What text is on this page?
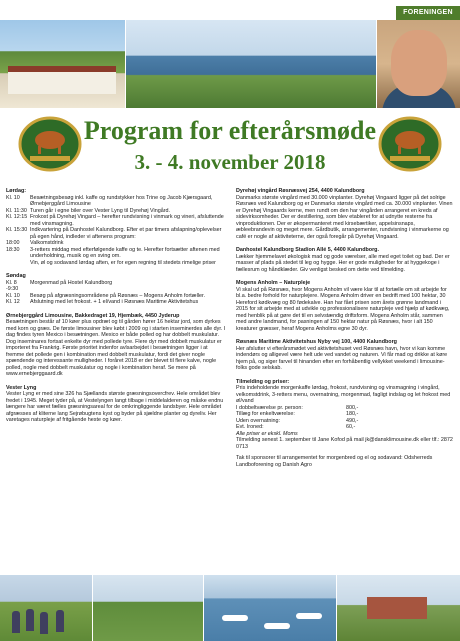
FORENINGEN
Program for efterårsmøde
3. - 4. november 2018
Lørdag:
Kl. 10	Besætningsbesøg inkl. kaffe og rundstykker hos Trine og Jacob Kjærsgaard, Ørnebjerggård Limousine
Kl. 11:30 Turen går i egne biler over Vester Lyng til Dyrehøj Vingård.
Kl. 12:15 Frokost på Dyrehøj Vingard – herefter rundvisning i vinmark og vineri, afsluttende med vinsmagning.
Kl. 15:30 Indkvartering på Danhostel Kalundborg. Efter et par timers afslapning/oplevelser på egen hånd, indleder vi aftenens program:
18:00	Valkomstdrink
18:30	3-retters middag med efterfølgende kaffe og te. Herefter fortsætter aftenen med underholdning, musik og en sving om.
Vin, øl og sodavand lørdag aften, er for egen regning til stedets rimelige priser
Søndag
Kl. 8 -9:30
Morgenmad på Hostel Kalundborg
Kl. 10	Besøg på afgræsningsområdene på Røsnæs – Mogens Anholm fortæller.
Kl. 12	Afslutning med let frokost. + 1 el/vand i Røsnæs Maritime Aktivitetshus
Ørnebjerggård Limousine, Bakkedraget 19, Hjembæk, 4450 Jyderup
Besætningen består af 10 køer plus opdræt og til gården hører 16 hektar jord, som dyrkes med korn og græs. De første limousiner blev købt i 2009 og i starten inseminerdes alle dyr. I dag findes tyren Mexico i besætningen. Mexico er både polled og har dobbelt muskulatur. Dog inseminares fortsat enkelte dyr med pollede tyre. Flere dyr med dobbelt muskulatur er importeret fra Frankrig. Første prioritet indenfor avlsarbejdet i besætningen ligger i at fremme det pollede gen i kombination med dobbelt muskulatur, fordi det giver nogle spændende og interessante mulligheder. I foråret 2018 er der blevet til flere kalve, nogle polled, nogle med dobbelt muskulatur og nogle i kombination heraf. Se mere på www.ernebjerggaard.dk
Vester Lyng
Vester Lyng er med sine 326 ha Sjællands største græsningsovercfrev. Hele området blev fredet i 1945. Meget tyder på, at Vestelyngen langt tilbage i middelalderen og måske endnu længere har været fælles græsningsareal for de omkringliggende landsbyer. Hele området afgræsses af kliterne lang Sejrøbugtens kyst og byder på sjældne planter og dyreliv. Her varetages naturpleje af fritgående heste og køer.
Dyrehøj vingård Røsnæsvej 254, 4400 Kalundborg
Danmarks største vingård med 30.000 vinplanter. Dyrehøj Vingaard ligger på det solrige Røsnæs ved Kalundborg og er Danmarks største vingård med ca. 30.000 vinplanter. Vinen er Dyrehøj Vingaards kerne, men rundt om den har vingården arrangeret en kreds af sidevirksomheder. Der er destillering, som blev etableret for at udnytte resterne fra vinproduktionen. Der er økopermanteret med kirsebærtiker, appelsinsnaps, æbleebrandevin og meget mere. Gårdbutik, arrangementer, rundvisning i vinmarkerne og café er nogle af aktiviteterne, der også foregår på Dyrehøj Vingaard.
Danhostel Kalundborg Stadion Allé 5, 4400 Kalundborg.
Lækker hjemmelavet økologisk mad og gode værelser, alle med eget toilet og bad. Der er masser af plads på stedet til leg og hygge. Her er gode muligheder for at hyggekoge i fællesrum og håndklæder. Giv venligst besked om dette ved tilmelding.
Mogens Anholm – Naturpleje
Vi skal ud på Røsnæs, hvor Mogens Anholm vil være klar til at fortælle om sit arbejde for bl.a. bedre forhold for naturplejere. Mogens Anholm driver en bedrift med 100 hektar, 30 Hereford kødkvæg og 80 fødekalve. Han har fået prisen som årets grønne landmand i 2015 for sit arbejde med at udvikle og professionalisere naturpleje ved hjælp af kødkvæg, med henblik på at gøre det til en selvstændig driftsform. Mogens Anholm står, sammen med andre landmand, for pasningen af 150 hektar natur på Røsnæs, hvor i alt 150 kreaturer græsser, heraf Mogens Anholms egne 30 dyr.
Røsnæs Maritime Aktivitetshus Nyby vej 100, 4400 Kalundborg
Her afslutter vi efterårsmødet ved aktivitetshuset ved Røsnæs havn, hvor vi kan komme indendørs og alligevel være helt ude ved vandet og naturen. Vi får mad og drikke at køre hjem på, og siger farvel til hinanden efter en forhåbentlig vellykket weekend i limousine-folks gode selskab.
Tilmelding og priser:
Pris indeholdende morgenkaffe lørdag, frokost, rundvisning og vinsmagning i vingård, velkomstdrink, 3-retters menu, overnatning, morgenmad, fagligt indslag og let frokost med øl/vand
I dobbeltværelse pr. person:	800,-
Tillæg for enkeltværelse:	180,-
Uden overnatning:	490,-
Evt. Ironed:	60,-
Alle priser er ekskl. Moms
Tilmelding senest 1. september til Jane Kofod på mail jk@dansklimousine.dk eller tlf.: 2872 0713
Tak til sponsorer til arrangementet for morgenbred og el og sodavand: Odsherreds Landboforening og Danish Agro
